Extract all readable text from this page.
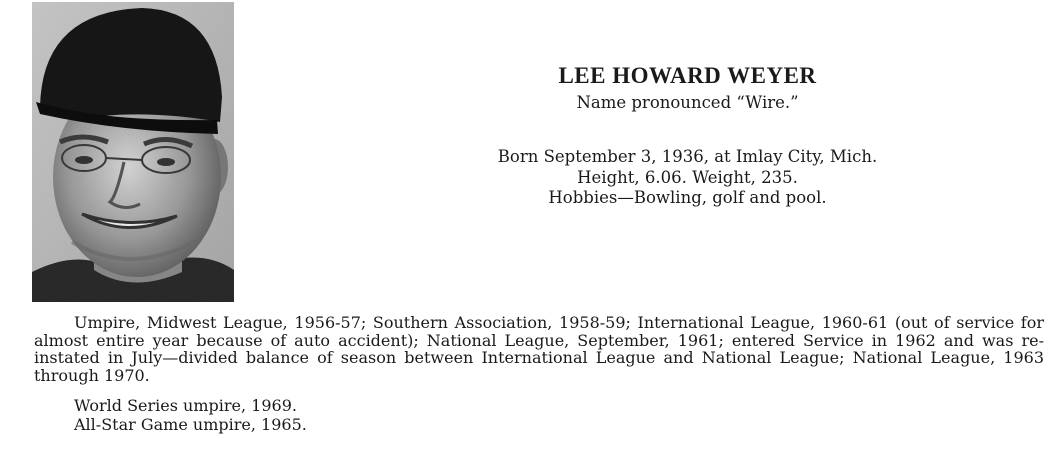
LEE HOWARD WEYER
Name pronounced “Wire.”
Born September 3, 1936, at Imlay City, Mich.
Height, 6.06. Weight, 235.
Hobbies—Bowling, golf and pool.
Umpire, Midwest League, 1956-57; Southern Association, 1958-59; International League, 1960-61 (out of service for almost entire year because of auto accident); National League, September, 1961; entered Service in 1962 and was re-instated in July—divided balance of season between International League and National League; National League, 1963 through 1970.
World Series umpire, 1969.
All-Star Game umpire, 1965.
